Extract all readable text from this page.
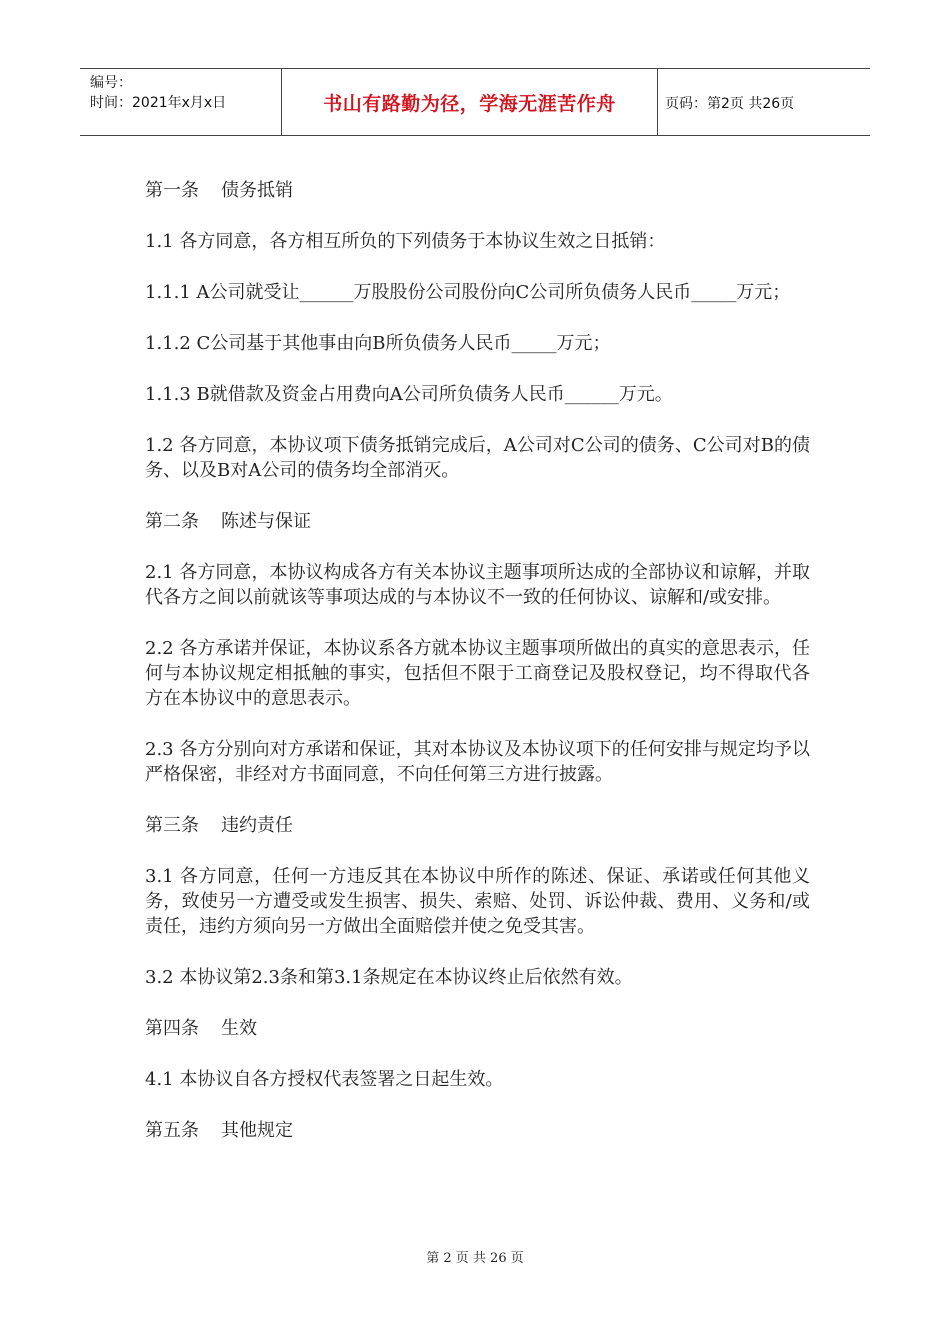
编号：
时间：2021年x月x日	书山有路勤为径，学海无涯苦作舟	页码：第2页 共26页

第一条 债务抵销

1.1 各方同意，各方相互所负的下列债务于本协议生效之日抵销：

1.1.1 A公司就受让______万股股份公司股份向C公司所负债务人民币_____万元；

1.1.2 C公司基于其他事由向B所负债务人民币_____万元；

1.1.3 B就借款及资金占用费向A公司所负债务人民币______万元。

1.2 各方同意，本协议项下债务抵销完成后，A公司对C公司的债务、C公司对B的债务、以及B对A公司的债务均全部消灭。

第二条 陈述与保证

2.1 各方同意，本协议构成各方有关本协议主题事项所达成的全部协议和谅解，并取代各方之间以前就该等事项达成的与本协议不一致的任何协议、谅解和/或安排。

2.2 各方承诺并保证，本协议系各方就本协议主题事项所做出的真实的意思表示，任何与本协议规定相抵触的事实，包括但不限于工商登记及股权登记，均不得取代各方在本协议中的意思表示。

2.3 各方分别向对方承诺和保证，其对本协议及本协议项下的任何安排与规定均予以严格保密，非经对方书面同意，不向任何第三方进行披露。

第三条 违约责任

3.1 各方同意，任何一方违反其在本协议中所作的陈述、保证、承诺或任何其他义务，致使另一方遭受或发生损害、损失、索赔、处罚、诉讼仲裁、费用、义务和/或责任，违约方须向另一方做出全面赔偿并使之免受其害。

3.2 本协议第2.3条和第3.1条规定在本协议终止后依然有效。

第四条 生效

4.1 本协议自各方授权代表签署之日起生效。

第五条 其他规定

第 2 页 共 26 页
